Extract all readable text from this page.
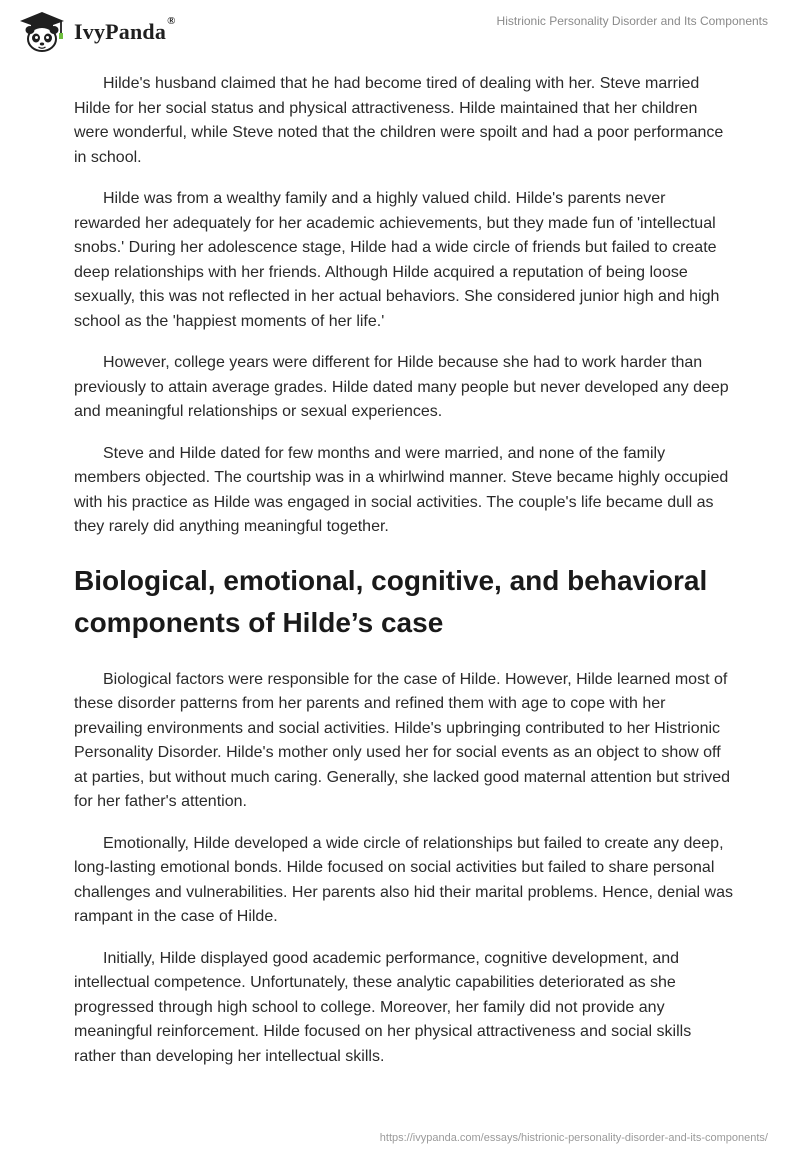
IvyPanda®	Histrionic Personality Disorder and Its Components

Hilde's husband claimed that he had become tired of dealing with her. Steve married Hilde for her social status and physical attractiveness. Hilde maintained that her children were wonderful, while Steve noted that the children were spoilt and had a poor performance in school.

Hilde was from a wealthy family and a highly valued child. Hilde's parents never rewarded her adequately for her academic achievements, but they made fun of 'intellectual snobs.' During her adolescence stage, Hilde had a wide circle of friends but failed to create deep relationships with her friends. Although Hilde acquired a reputation of being loose sexually, this was not reflected in her actual behaviors. She considered junior high and high school as the 'happiest moments of her life.'

However, college years were different for Hilde because she had to work harder than previously to attain average grades. Hilde dated many people but never developed any deep and meaningful relationships or sexual experiences.

Steve and Hilde dated for few months and were married, and none of the family members objected. The courtship was in a whirlwind manner. Steve became highly occupied with his practice as Hilde was engaged in social activities. The couple's life became dull as they rarely did anything meaningful together.

Biological, emotional, cognitive, and behavioral components of Hilde’s case

Biological factors were responsible for the case of Hilde. However, Hilde learned most of these disorder patterns from her parents and refined them with age to cope with her prevailing environments and social activities. Hilde's upbringing contributed to her Histrionic Personality Disorder. Hilde's mother only used her for social events as an object to show off at parties, but without much caring. Generally, she lacked good maternal attention but strived for her father's attention.

Emotionally, Hilde developed a wide circle of relationships but failed to create any deep, long-lasting emotional bonds. Hilde focused on social activities but failed to share personal challenges and vulnerabilities. Her parents also hid their marital problems. Hence, denial was rampant in the case of Hilde.

Initially, Hilde displayed good academic performance, cognitive development, and intellectual competence. Unfortunately, these analytic capabilities deteriorated as she progressed through high school to college. Moreover, her family did not provide any meaningful reinforcement. Hilde focused on her physical attractiveness and social skills rather than developing her intellectual skills.

https://ivypanda.com/essays/histrionic-personality-disorder-and-its-components/
